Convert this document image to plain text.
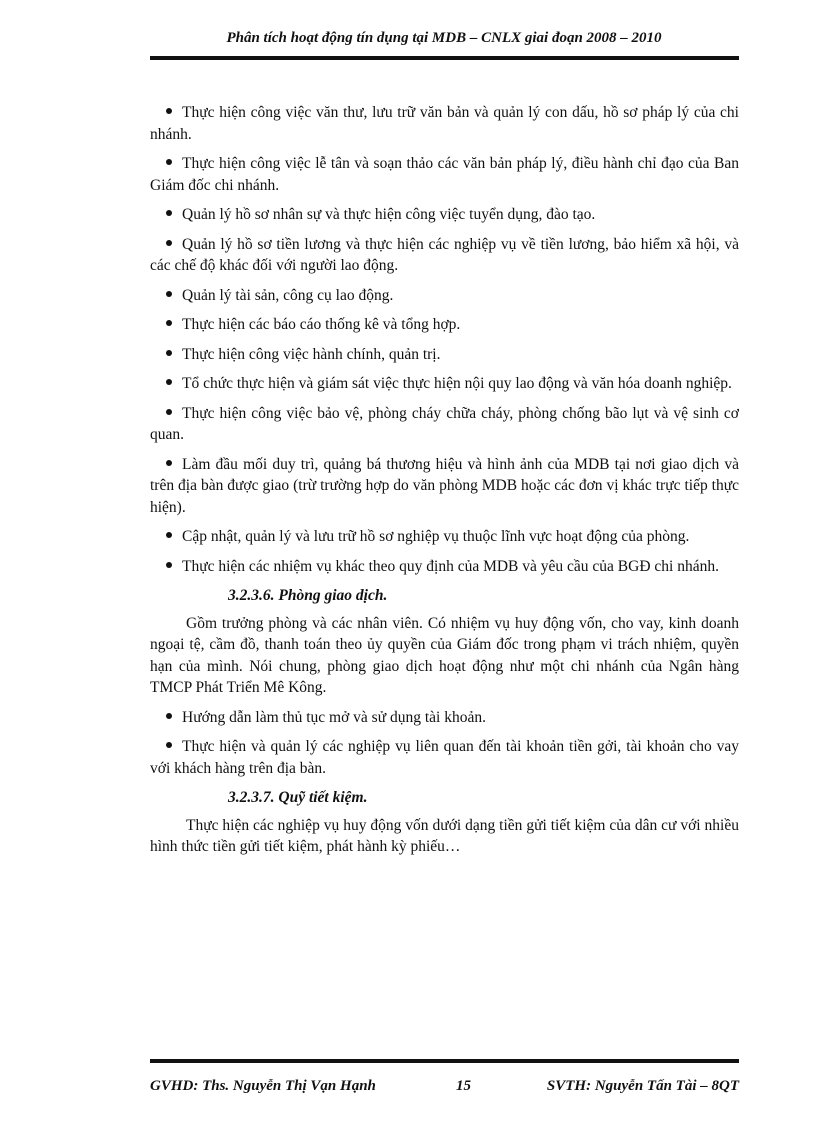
Phân tích hoạt động tín dụng tại MDB – CNLX giai đoạn 2008 – 2010
Thực hiện công việc văn thư, lưu trữ văn bản và quản lý con dấu, hồ sơ pháp lý của chi nhánh.
Thực hiện công việc lễ tân và soạn thảo các văn bản pháp lý, điều hành chỉ đạo của Ban Giám đốc chi nhánh.
Quản lý hồ sơ nhân sự và thực hiện công việc tuyển dụng, đào tạo.
Quản lý hồ sơ tiền lương và thực hiện các nghiệp vụ về tiền lương, bảo hiểm xã hội, và các chế độ khác đối với người lao động.
Quản lý tài sản, công cụ lao động.
Thực hiện các báo cáo thống kê và tổng hợp.
Thực hiện công việc hành chính, quản trị.
Tổ chức thực hiện và giám sát việc thực hiện nội quy lao động và văn hóa doanh nghiệp.
Thực hiện công việc bảo vệ, phòng cháy chữa cháy, phòng chống bão lụt và vệ sinh cơ quan.
Làm đầu mối duy trì, quảng bá thương hiệu và hình ảnh của MDB tại nơi giao dịch và trên địa bàn được giao (trừ trường hợp do văn phòng MDB hoặc các đơn vị khác trực tiếp thực hiện).
Cập nhật, quản lý và lưu trữ hồ sơ nghiệp vụ thuộc lĩnh vực hoạt động của phòng.
Thực hiện các nhiệm vụ khác theo quy định của MDB và yêu cầu của BGĐ chi nhánh.
3.2.3.6. Phòng giao dịch.
Gồm trưởng phòng và các nhân viên. Có nhiệm vụ huy động vốn, cho vay, kinh doanh ngoại tệ, cầm đồ, thanh toán theo ủy quyền của Giám đốc trong phạm vi trách nhiệm, quyền hạn của mình. Nói chung, phòng giao dịch hoạt động như một chi nhánh của Ngân hàng TMCP Phát Triển Mê Kông.
Hướng dẫn làm thủ tục mở và sử dụng tài khoản.
Thực hiện và quản lý các nghiệp vụ liên quan đến tài khoản tiền gởi, tài khoản cho vay với khách hàng trên địa bàn.
3.2.3.7. Quỹ tiết kiệm.
Thực hiện các nghiệp vụ huy động vốn dưới dạng tiền gửi tiết kiệm của dân cư với nhiều hình thức tiền gửi tiết kiệm, phát hành kỳ phiếu…
GVHD: Ths. Nguyễn Thị Vạn Hạnh	15	SVTH: Nguyễn Tấn Tài – 8QT
